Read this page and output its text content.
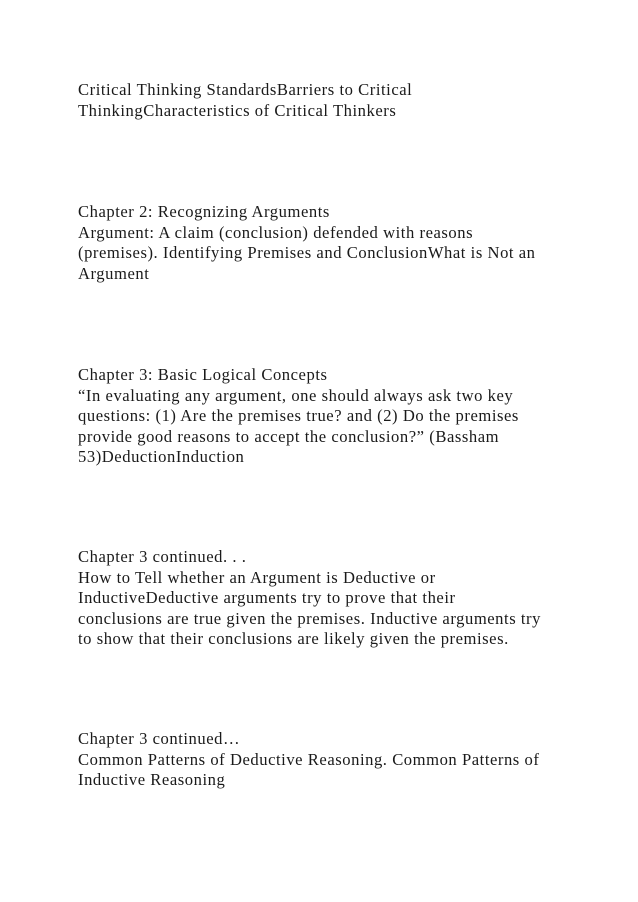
Critical Thinking StandardsBarriers to Critical
ThinkingCharacteristics of Critical Thinkers
Chapter 2: Recognizing Arguments
Argument: A claim (conclusion) defended with reasons
(premises). Identifying Premises and ConclusionWhat is Not an
Argument
Chapter 3: Basic Logical Concepts
“In evaluating any argument, one should always ask two key
questions: (1) Are the premises true? and (2) Do the premises
provide good reasons to accept the conclusion?” (Bassham
53)DeductionInduction
Chapter 3 continued. . .
How to Tell whether an Argument is Deductive or
InductiveDeductive arguments try to prove that their
conclusions are true given the premises. Inductive arguments try
to show that their conclusions are likely given the premises.
Chapter 3 continued…
Common Patterns of Deductive Reasoning. Common Patterns of
Inductive Reasoning
